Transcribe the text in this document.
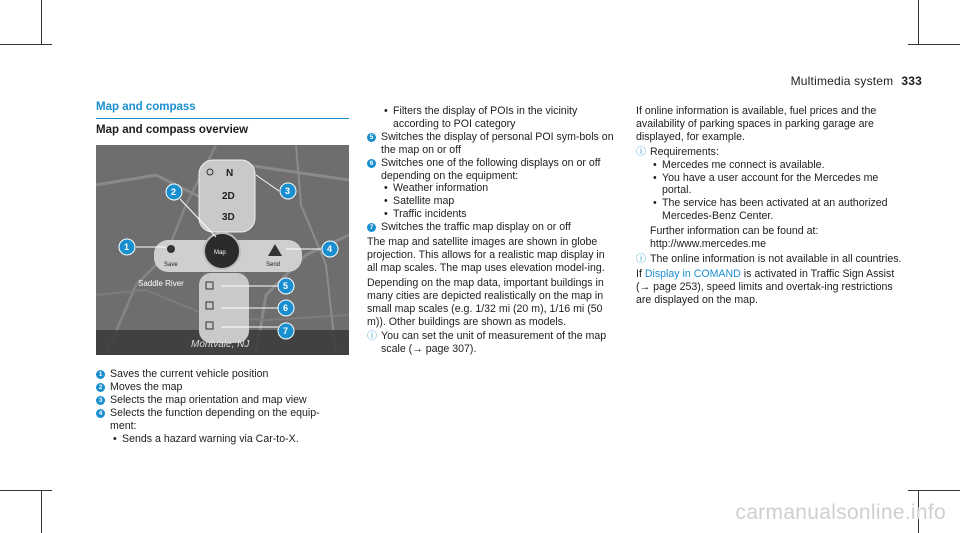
Multimedia system 333
Map and compass
Map and compass overview
N
2D
3D
Save	Send
Map
Saddle River
Montvale, NJ
1
2	3
4
5
6
7

1 Saves the current vehicle position

2 Moves the map

3 Selects the map orientation and map view

4 Selects the function depending on the equip-
ment:

• Sends a hazard warning via Car-to-X.

• Filters the display of POIs in the vicinity according to POI category

5 Switches the display of personal POI sym-bols on the map on or off

6 Switches one of the following displays on or off depending on the equipment:

• Weather information

• Satellite map

• Traffic incidents

7 Switches the traffic map display on or off

The map and satellite images are shown in globe projection. This allows for a realistic map display in all map scales. The map uses elevation model-ing.

Depending on the map data, important buildings in many cities are depicted realistically on the map in small map scales (e.g. 1/32 mi (20 m), 1/16 mi (50 m)). Other buildings are shown as models.

ⓘ You can set the unit of measurement of the map scale (→ page 307).

If online information is available, fuel prices and the availability of parking spaces in parking garage are displayed, for example.

ⓘ Requirements:

• Mercedes me connect is available.

• You have a user account for the Mercedes me portal.

• The service has been activated at an authorized Mercedes-Benz Center.

Further information can be found at: http://www.mercedes.me

ⓘ The online information is not available in all countries.

If Display in COMAND is activated in Traffic Sign Assist (→ page 253), speed limits and overtak-ing restrictions are displayed on the map.

carmanualsonline.info
